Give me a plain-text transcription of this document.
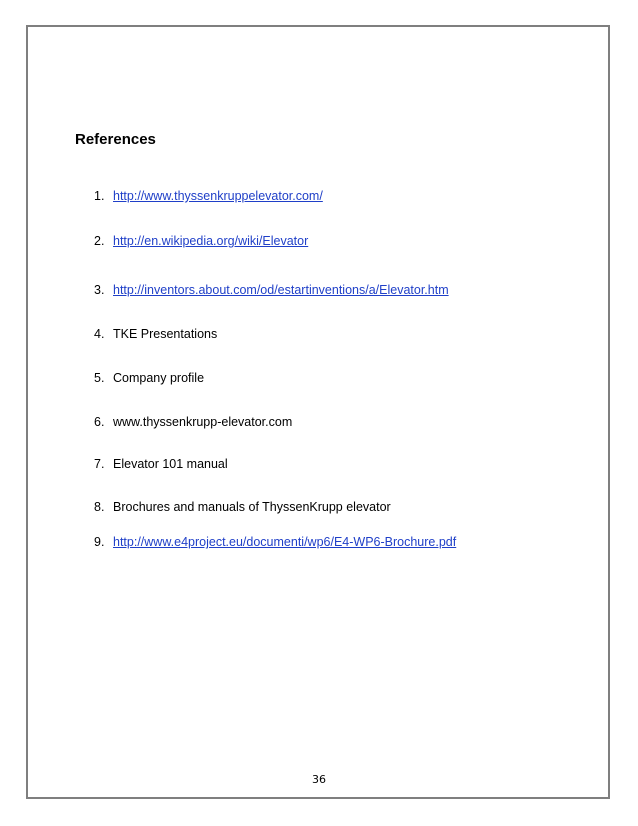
References
1. http://www.thyssenkruppelevator.com/
2. http://en.wikipedia.org/wiki/Elevator
3. http://inventors.about.com/od/estartinventions/a/Elevator.htm
4. TKE Presentations
5. Company profile
6. www.thyssenkrupp-elevator.com
7. Elevator 101 manual
8. Brochures and manuals of ThyssenKrupp elevator
9. http://www.e4project.eu/documenti/wp6/E4-WP6-Brochure.pdf
36
